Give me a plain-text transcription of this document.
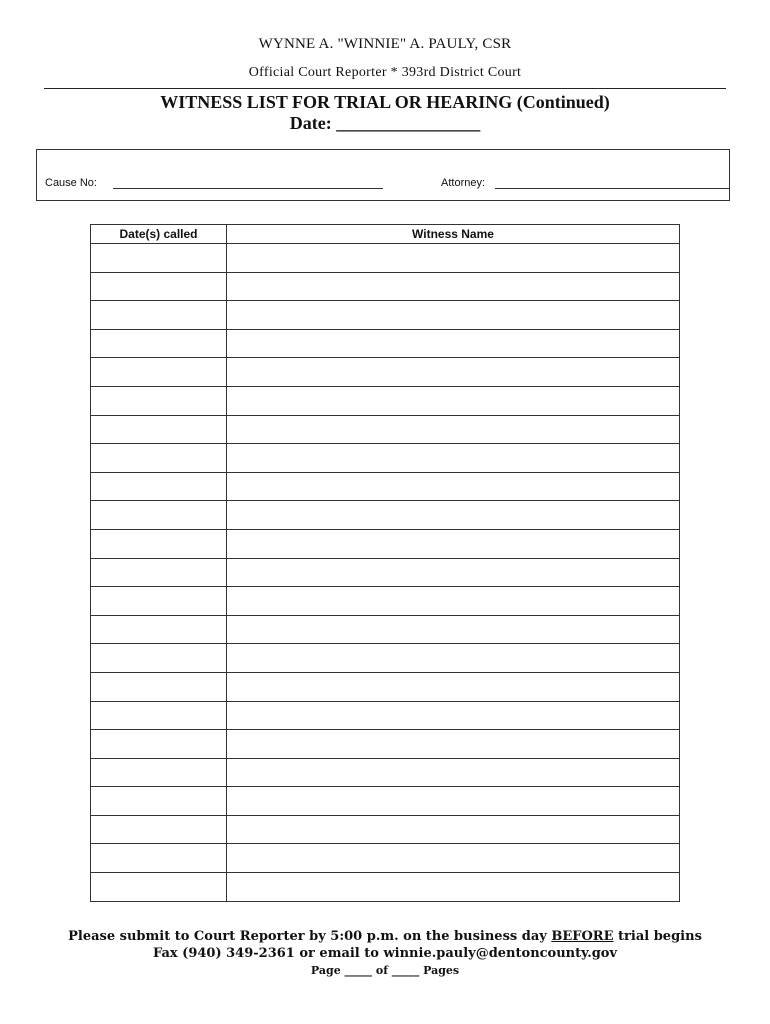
WYNNE A. "WINNIE" A. PAULY, CSR
Official Court Reporter * 393rd District Court
WITNESS LIST FOR TRIAL OR HEARING (Continued)
Date: ________________
Cause No:	Attorney:
Date(s) called	Witness Name

Please submit to Court Reporter by 5:00 p.m. on the business day BEFORE trial begins
Fax (940) 349-2361 or email to winnie.pauly@dentoncounty.gov
Page _____ of _____ Pages
